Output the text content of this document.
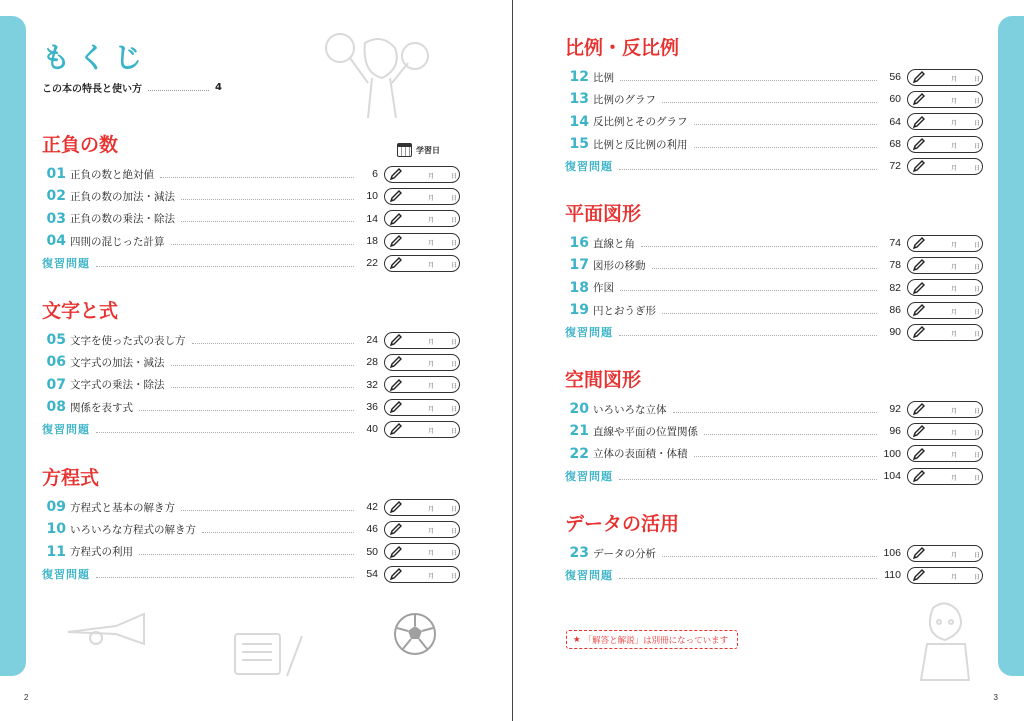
もくじ
この本の特長と使い方	4
学習日
正負の数
01 正負の数と絶対値	6	月	日
02 正負の数の加法・減法	10	月	日
03 正負の数の乗法・除法	14	月	日
04 四則の混じった計算	18	月	日
復習問題	22	月	日
文字と式
05 文字を使った式の表し方	24	月	日
06 文字式の加法・減法	28	月	日
07 文字式の乗法・除法	32	月	日
08 関係を表す式	36	月	日
復習問題	40	月	日
方程式
09 方程式と基本の解き方	42	月	日
10 いろいろな方程式の解き方	46	月	日
11 方程式の利用	50	月	日
復習問題	54	月	日
2
比例・反比例
12 比例	56	月	日
13 比例のグラフ	60	月	日
14 反比例とそのグラフ	64	月	日
15 比例と反比例の利用	68	月	日
復習問題	72	月	日
平面図形
16 直線と角	74	月	日
17 図形の移動	78	月	日
18 作図	82	月	日
19 円とおうぎ形	86	月	日
復習問題	90	月	日
空間図形
20 いろいろな立体	92	月	日
21 直線や平面の位置関係	96	月	日
22 立体の表面積・体積	100	月	日
復習問題	104	月	日
データの活用
23 データの分析	106	月	日
復習問題	110	月	日
★ 「解答と解説」は別冊になっています
3
